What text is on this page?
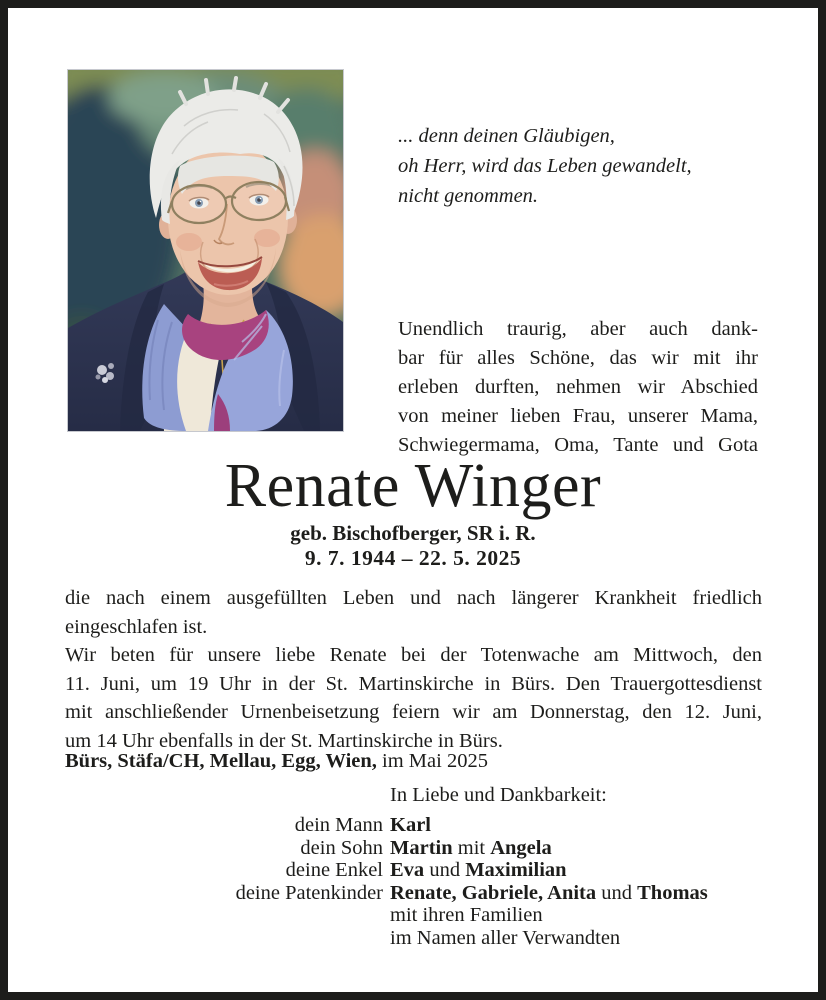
... denn deinen Gläubigen,
oh Herr, wird das Leben gewandelt,
nicht genommen.
Unendlich traurig, aber auch dank-
bar für alles Schöne, das wir mit ihr
erleben durften, nehmen wir Abschied
von meiner lieben Frau, unserer Mama,
Schwiegermama, Oma, Tante und Gota
Renate Winger
geb. Bischofberger, SR i. R.
9. 7. 1944 – 22. 5. 2025
die nach einem ausgefüllten Leben und nach längerer Krankheit friedlich
eingeschlafen ist.
Wir beten für unsere liebe Renate bei der Totenwache am Mittwoch, den
11. Juni, um 19 Uhr in der St. Martinskirche in Bürs. Den Trauergottesdienst
mit anschließender Urnenbeisetzung feiern wir am Donnerstag, den 12. Juni,
um 14 Uhr ebenfalls in der St. Martinskirche in Bürs.
Bürs, Stäfa/CH, Mellau, Egg, Wien, im Mai 2025
In Liebe und Dankbarkeit:
dein Mann Karl
dein Sohn Martin mit Angela
deine Enkel Eva und Maximilian
deine Patenkinder Renate, Gabriele, Anita und Thomas
mit ihren Familien
im Namen aller Verwandten
